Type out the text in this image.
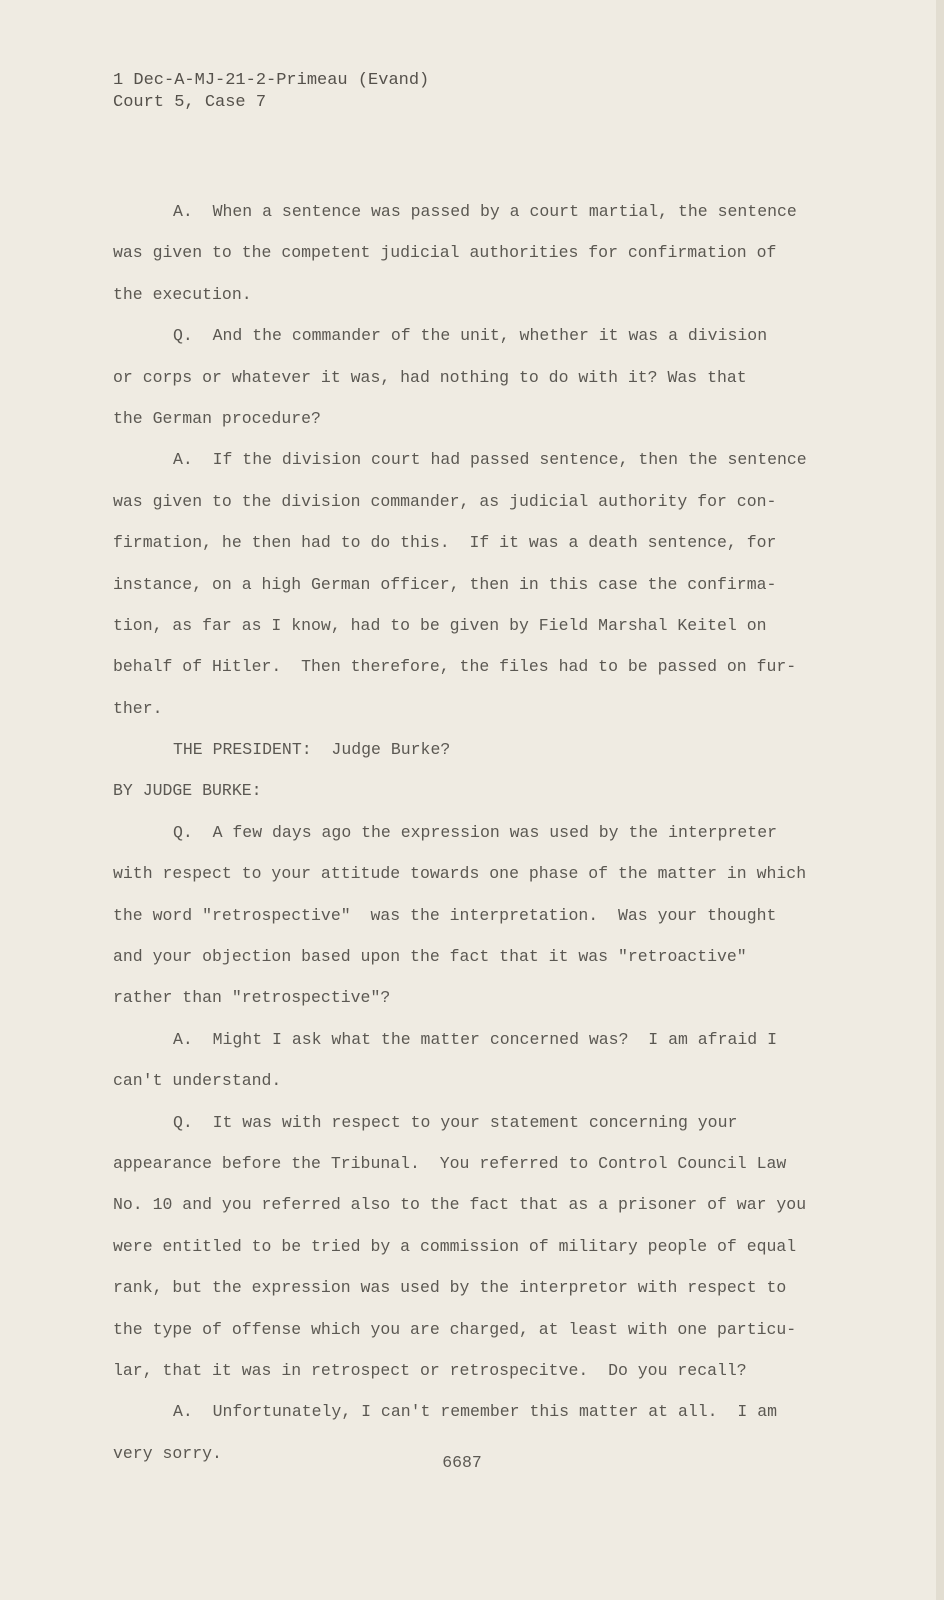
1 Dec-A-MJ-21-2-Primeau (Evand)
Court 5, Case 7
A.  When a sentence was passed by a court martial, the sentence
was given to the competent judicial authorities for confirmation of
the execution.
Q.  And the commander of the unit, whether it was a division
or corps or whatever it was, had nothing to do with it? Was that
the German procedure?
A.  If the division court had passed sentence, then the sentence
was given to the division commander, as judicial authority for con-
firmation, he then had to do this.  If it was a death sentence, for
instance, on a high German officer, then in this case the confirma-
tion, as far as I know, had to be given by Field Marshal Keitel on
behalf of Hitler.  Then therefore, the files had to be passed on fur-
ther.
THE PRESIDENT:  Judge Burke?
BY JUDGE BURKE:
Q.  A few days ago the expression was used by the interpreter
with respect to your attitude towards one phase of the matter in which
the word "retrospective"  was the interpretation.  Was your thought
and your objection based upon the fact that it was "retroactive"
rather than "retrospective"?
A.  Might I ask what the matter concerned was?  I am afraid I
can't understand.
Q.  It was with respect to your statement concerning your
appearance before the Tribunal.  You referred to Control Council Law
No. 10 and you referred also to the fact that as a prisoner of war you
were entitled to be tried by a commission of military people of equal
rank, but the expression was used by the interpretor with respect to
the type of offense which you are charged, at least with one particu-
lar, that it was in retrospect or retrospecitve.  Do you recall?
A.  Unfortunately, I can't remember this matter at all.  I am
very sorry.	6687
